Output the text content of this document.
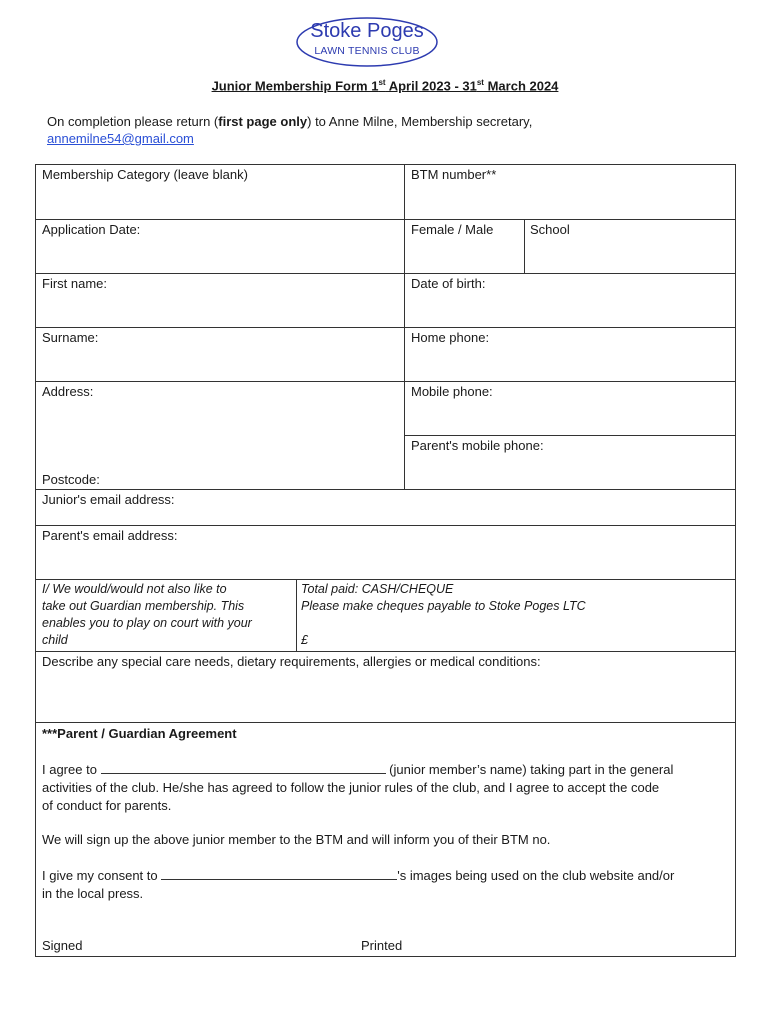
Stoke Poges
LAWN TENNIS CLUB
Junior Membership Form 1st April 2023 - 31st March 2024
On completion please return (first page only) to Anne Milne, Membership secretary,
annemilne54@gmail.com
Membership Category (leave blank)	BTM number**
Application Date:	Female / Male	School
First name:	Date of birth:
Surname:	Home phone:
Address:	Mobile phone:
Parent's mobile phone:
Postcode:
Junior's email address:
Parent's email address:
I/ We would/would not also like to
take out Guardian membership. This
enables you to play on court with your
child
Total paid: CASH/CHEQUE
Please make cheques payable to Stoke Poges LTC
£
Describe any special care needs, dietary requirements, allergies or medical conditions:
***Parent / Guardian Agreement
I agree to	(junior member’s name) taking part in the general
activities of the club. He/she has agreed to follow the junior rules of the club, and I agree to accept the code
of conduct for parents.
We will sign up the above junior member to the BTM and will inform you of their BTM no.
I give my consent to	's images being used on the club website and/or
in the local press.
Signed	Printed
